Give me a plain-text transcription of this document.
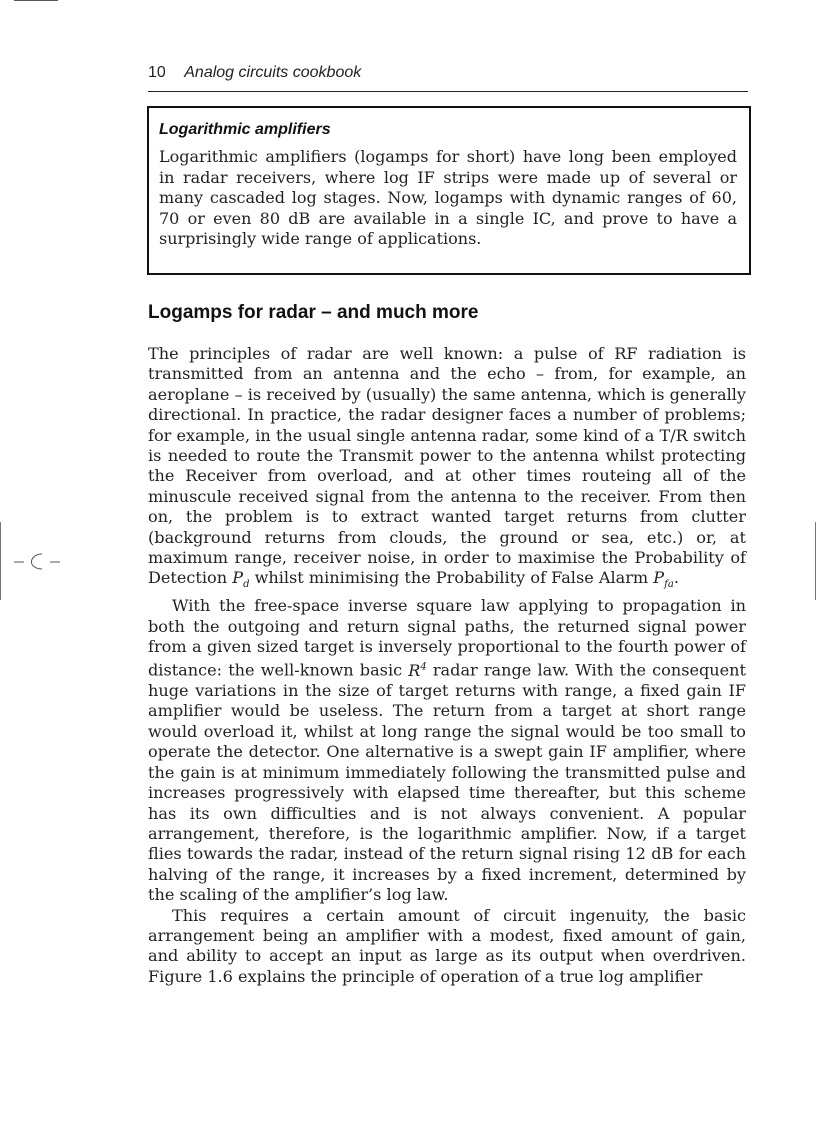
10 Analog circuits cookbook
Logarithmic amplifiers

Logarithmic amplifiers (logamps for short) have long been employed in radar receivers, where log IF strips were made up of several or many cascaded log stages. Now, logamps with dynamic ranges of 60, 70 or even 80 dB are available in a single IC, and prove to have a surprisingly wide range of applications.

Logamps for radar – and much more

The principles of radar are well known: a pulse of RF radiation is transmitted from an antenna and the echo – from, for example, an aeroplane – is received by (usually) the same antenna, which is generally directional. In practice, the radar designer faces a number of problems; for example, in the usual single antenna radar, some kind of a T/R switch is needed to route the Transmit power to the antenna whilst protecting the Receiver from overload, and at other times routeing all of the minuscule received signal from the antenna to the receiver. From then on, the problem is to extract wanted target returns from clutter (background returns from clouds, the ground or sea, etc.) or, at maximum range, receiver noise, in order to maximise the Probability of Detection $P_d$ whilst minimising the Probability of False Alarm $P_{fa}$.

With the free-space inverse square law applying to propagation in both the outgoing and return signal paths, the returned signal power from a given sized target is inversely proportional to the fourth power of distance: the well-known basic $R^4$ radar range law. With the consequent huge variations in the size of target returns with range, a fixed gain IF amplifier would be useless. The return from a target at short range would overload it, whilst at long range the signal would be too small to operate the detector. One alternative is a swept gain IF amplifier, where the gain is at minimum immediately following the transmitted pulse and increases progressively with elapsed time thereafter, but this scheme has its own difficulties and is not always convenient. A popular arrangement, therefore, is the logarithmic amplifier. Now, if a target flies towards the radar, instead of the return signal rising 12 dB for each halving of the range, it increases by a fixed increment, determined by the scaling of the amplifier’s log law.

This requires a certain amount of circuit ingenuity, the basic arrangement being an amplifier with a modest, fixed amount of gain, and ability to accept an input as large as its output when overdriven. Figure 1.6 explains the principle of operation of a true log amplifier
